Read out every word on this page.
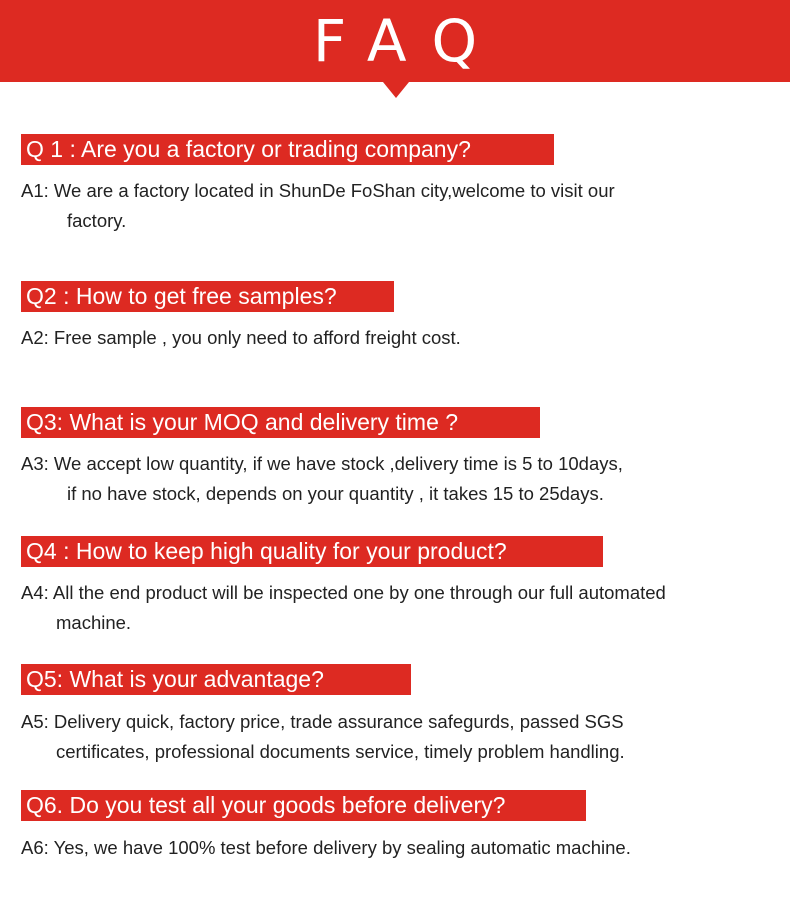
FAQ
Q 1 : Are you a factory or trading company?
A1: We are a factory located in ShunDe FoShan city,welcome to visit our
factory.
Q2 : How to get free samples?
A2: Free sample , you only need to afford freight cost.
Q3: What is your MOQ and delivery time ?
A3: We accept low quantity, if we have stock ,delivery time is 5 to 10days,
if no have stock, depends on your quantity , it takes 15 to 25days.
Q4 : How to keep high quality for your product?
A4: All the end product will be inspected one by one through our full automated
machine.
Q5: What is your advantage?
A5: Delivery quick, factory price, trade assurance safegurds, passed SGS
certificates, professional documents service, timely problem handling.
Q6. Do you test all your goods before delivery?
A6: Yes, we have 100% test before delivery by sealing automatic machine.
